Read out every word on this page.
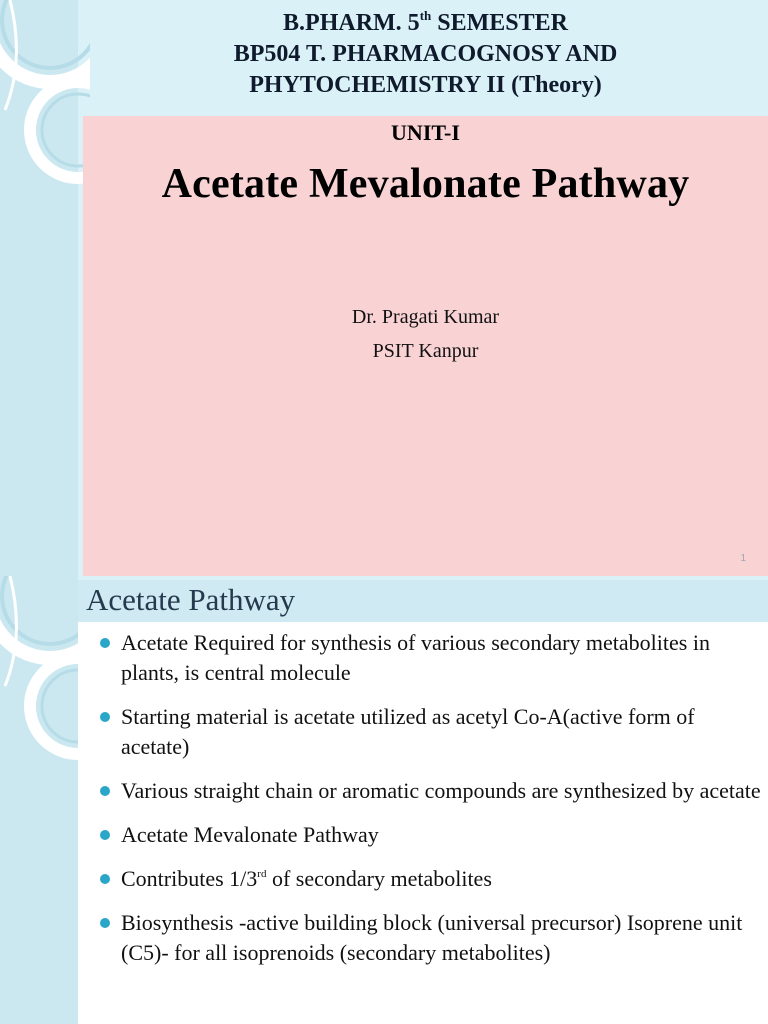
B.PHARM. 5th SEMESTER
BP504 T. PHARMACOGNOSY AND
PHYTOCHEMISTRY II (Theory)
UNIT-I
Acetate Mevalonate Pathway
Dr. Pragati Kumar
PSIT Kanpur
1
Acetate Pathway
Acetate Required for synthesis of various secondary metabolites in plants, is central molecule
Starting material is acetate utilized as acetyl Co-A(active form of acetate)
Various straight chain or aromatic compounds are synthesized by acetate
Acetate Mevalonate Pathway
Contributes 1/3rd of secondary metabolites
Biosynthesis -active building block (universal precursor) Isoprene unit (C5)- for all isoprenoids (secondary metabolites)
